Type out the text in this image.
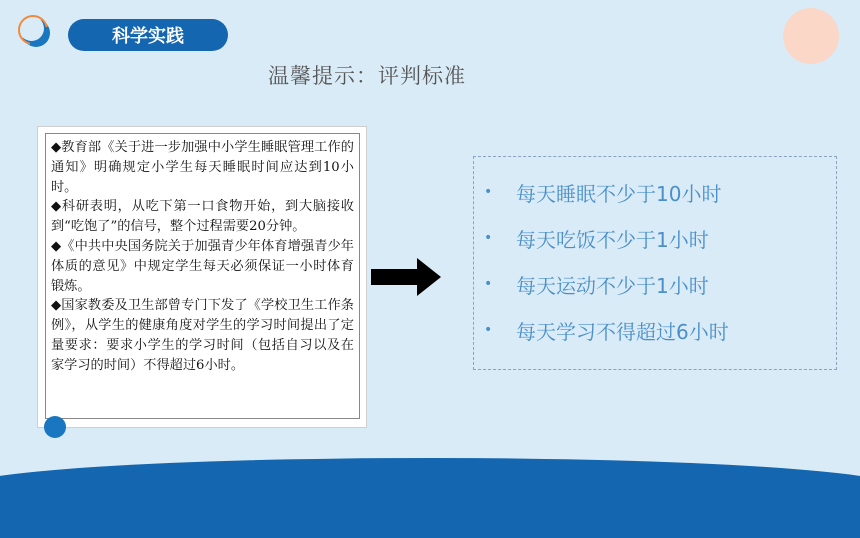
科学实践
温馨提示：评判标准

◆教育部《关于进一步加强中小学生睡眠管理工作的通知》明确规定小学生每天睡眠时间应达到10小时。

◆科研表明，从吃下第一口食物开始，到大脑接收到“吃饱了”的信号，整个过程需要20分钟。

◆《中共中央国务院关于加强青少年体育增强青少年体质的意见》中规定学生每天必须保证一小时体育锻炼。

◆国家教委及卫生部曾专门下发了《学校卫生工作条例》，从学生的健康角度对学生的学习时间提出了定量要求：要求小学生的学习时间（包括自习以及在家学习的时间）不得超过6小时。

•	每天睡眠不少于10小时
•	每天吃饭不少于1小时
•	每天运动不少于1小时
•	每天学习不得超过6小时
